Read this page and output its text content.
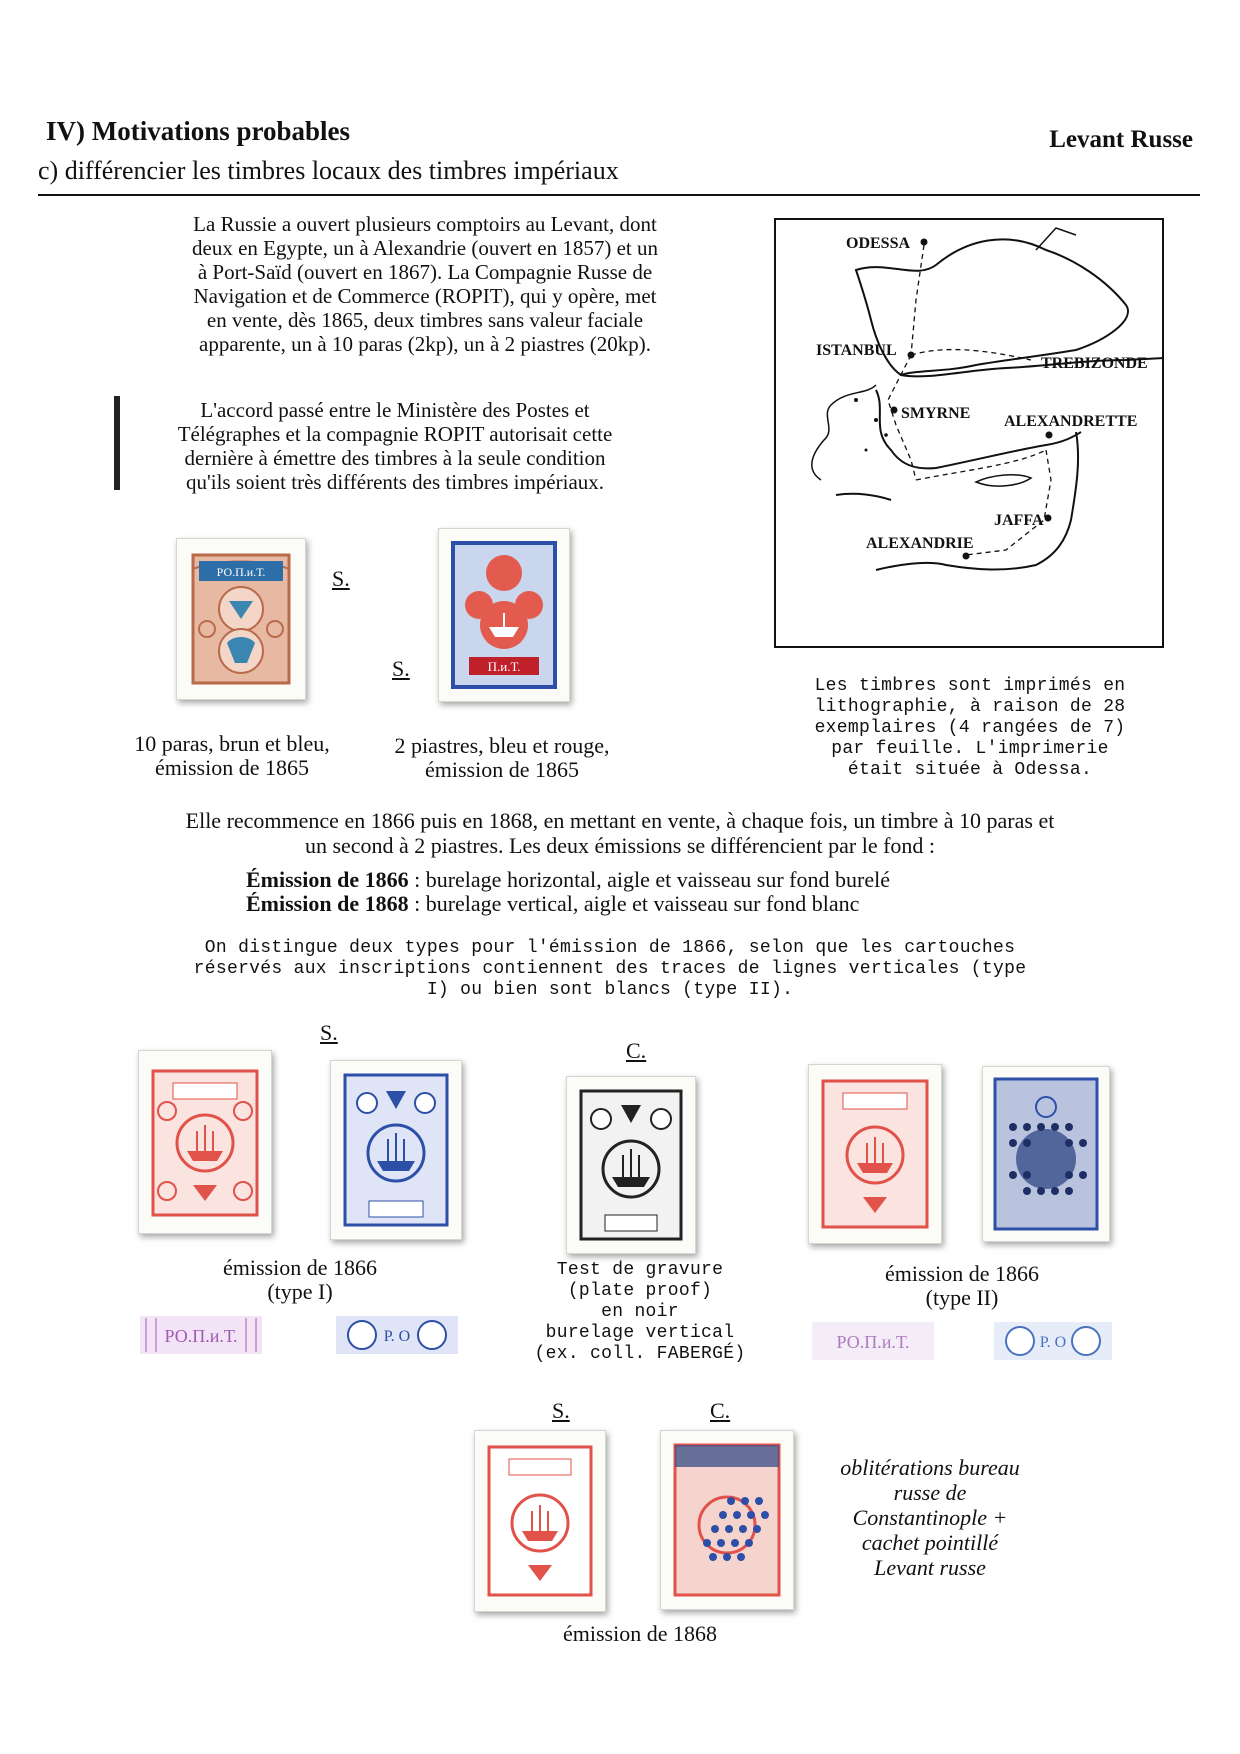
IV) Motivations probables
c) différencier les timbres locaux des timbres impériaux
Levant Russe
La Russie a ouvert plusieurs comptoirs au Levant, dont
deux en Egypte, un à Alexandrie (ouvert en 1857) et un
à Port-Saïd (ouvert en 1867). La Compagnie Russe de
Navigation et de Commerce (ROPIT), qui y opère, met
en vente, dès 1865, deux timbres sans valeur faciale
apparente, un à 10 paras (2kp), un à 2 piastres (20kp).
L'accord passé entre le Ministère des Postes et
Télégraphes et la compagnie ROPIT autorisait cette
dernière à émettre des timbres à la seule condition
qu'ils soient très différents des timbres impériaux.
ODESSA
ISTANBUL
TREBIZONDE
SMYRNE ALEXANDRETTE
JAFFA
ALEXANDRIE
РО.П.и.Т.	S.
П.и.Т.
S.
10 paras, brun et bleu,
émission de 1865
2 piastres, bleu et rouge,
émission de 1865
Les timbres sont imprimés en
lithographie, à raison de 28
exemplaires (4 rangées de 7)
par feuille. L'imprimerie
était située à Odessa.
Elle recommence en 1866 puis en 1868, en mettant en vente, à chaque fois, un timbre à 10 paras et
un second à 2 piastres. Les deux émissions se différencient par le fond :
Émission de 1866 : burelage horizontal, aigle et vaisseau sur fond burelé
Émission de 1868 : burelage vertical, aigle et vaisseau sur fond blanc
On distingue deux types pour l'émission de 1866, selon que les cartouches
réservés aux inscriptions contiennent des traces de lignes verticales (type
I) ou bien sont blancs (type II).
S.
C.
émission de 1866
(type I)
Test de gravure
(plate proof)
en noir
burelage vertical
(ex. coll. FABERGÉ)
émission de 1866
(type II)
РО.П.и.Т.	Р. О	РО.П.и.Т.	Р. О
S.	C.
émission de 1868
oblitérations bureau
russe de
Constantinople +
cachet pointillé
Levant russe
